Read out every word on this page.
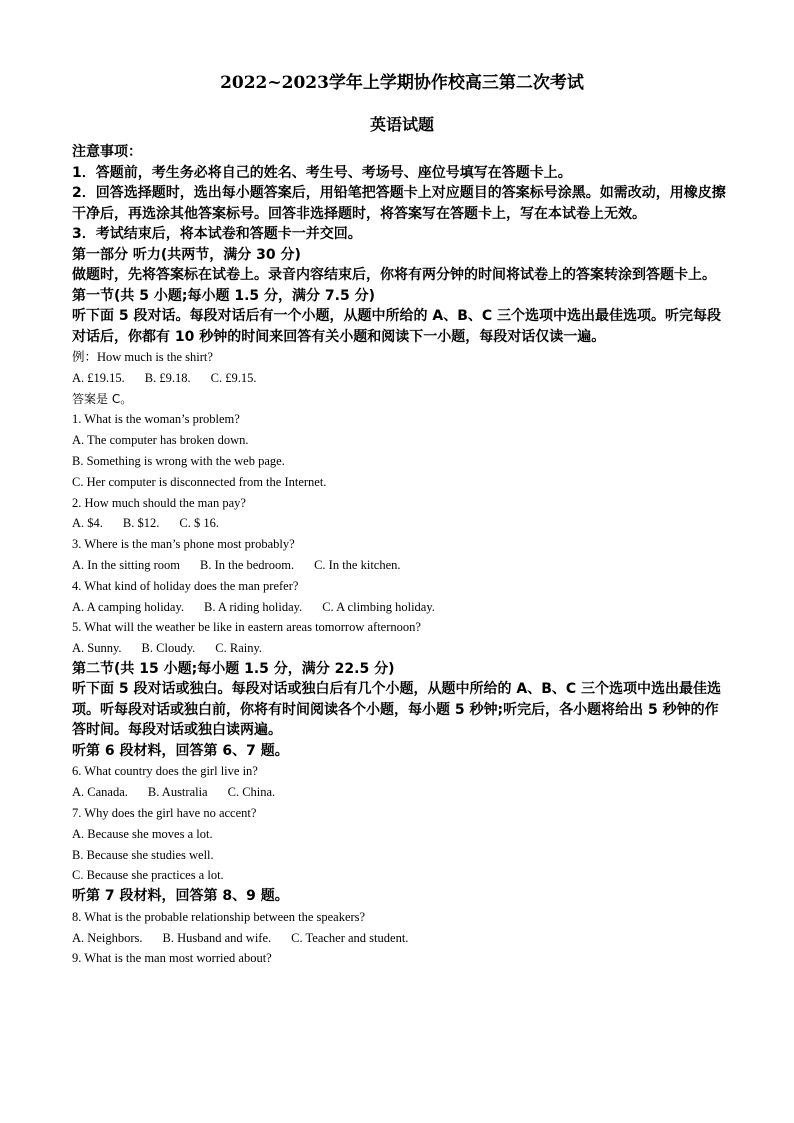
2022~2023学年上学期协作校高三第二次考试
英语试题

注意事项：

1．答题前，考生务必将自己的姓名、考生号、考场号、座位号填写在答题卡上。

2．回答选择题时，选出每小题答案后，用铅笔把答题卡上对应题目的答案标号涂黑。如需改动，用橡皮擦干净后，再选涂其他答案标号。回答非选择题时，将答案写在答题卡上，写在本试卷上无效。

3．考试结束后，将本试卷和答题卡一并交回。

第一部分 听力(共两节，满分 30 分)

做题时，先将答案标在试卷上。录音内容结束后，你将有两分钟的时间将试卷上的答案转涂到答题卡上。

第一节(共 5 小题;每小题 1.5 分，满分 7.5 分)

听下面 5 段对话。每段对话后有一个小题，从题中所给的 A、B、C 三个选项中选出最佳选项。听完每段对话后，你都有 10 秒钟的时间来回答有关小题和阅读下一小题，每段对话仅读一遍。

例：How much is the shirt?

A. £19.15. B. £9.18. C. £9.15.

答案是 C。

1. What is the woman’s problem?

A. The computer has broken down.

B. Something is wrong with the web page.

C. Her computer is disconnected from the Internet.

2. How much should the man pay?

A. $4. B. $12. C. $ 16.

3. Where is the man’s phone most probably?

A. In the sitting room B. In the bedroom. C. In the kitchen.

4. What kind of holiday does the man prefer?

A. A camping holiday. B. A riding holiday. C. A climbing holiday.

5. What will the weather be like in eastern areas tomorrow afternoon?

A. Sunny. B. Cloudy. C. Rainy.

第二节(共 15 小题;每小题 1.5 分，满分 22.5 分)

听下面 5 段对话或独白。每段对话或独白后有几个小题，从题中所给的 A、B、C 三个选项中选出最佳选项。听每段对话或独白前，你将有时间阅读各个小题，每小题 5 秒钟;听完后，各小题将给出 5 秒钟的作答时间。每段对话或独白读两遍。

听第 6 段材料，回答第 6、7 题。

6. What country does the girl live in?

A. Canada. B. Australia C. China.

7. Why does the girl have no accent?

A. Because she moves a lot.

B. Because she studies well.

C. Because she practices a lot.

听第 7 段材料，回答第 8、9 题。

8. What is the probable relationship between the speakers?

A. Neighbors. B. Husband and wife. C. Teacher and student.

9. What is the man most worried about?
